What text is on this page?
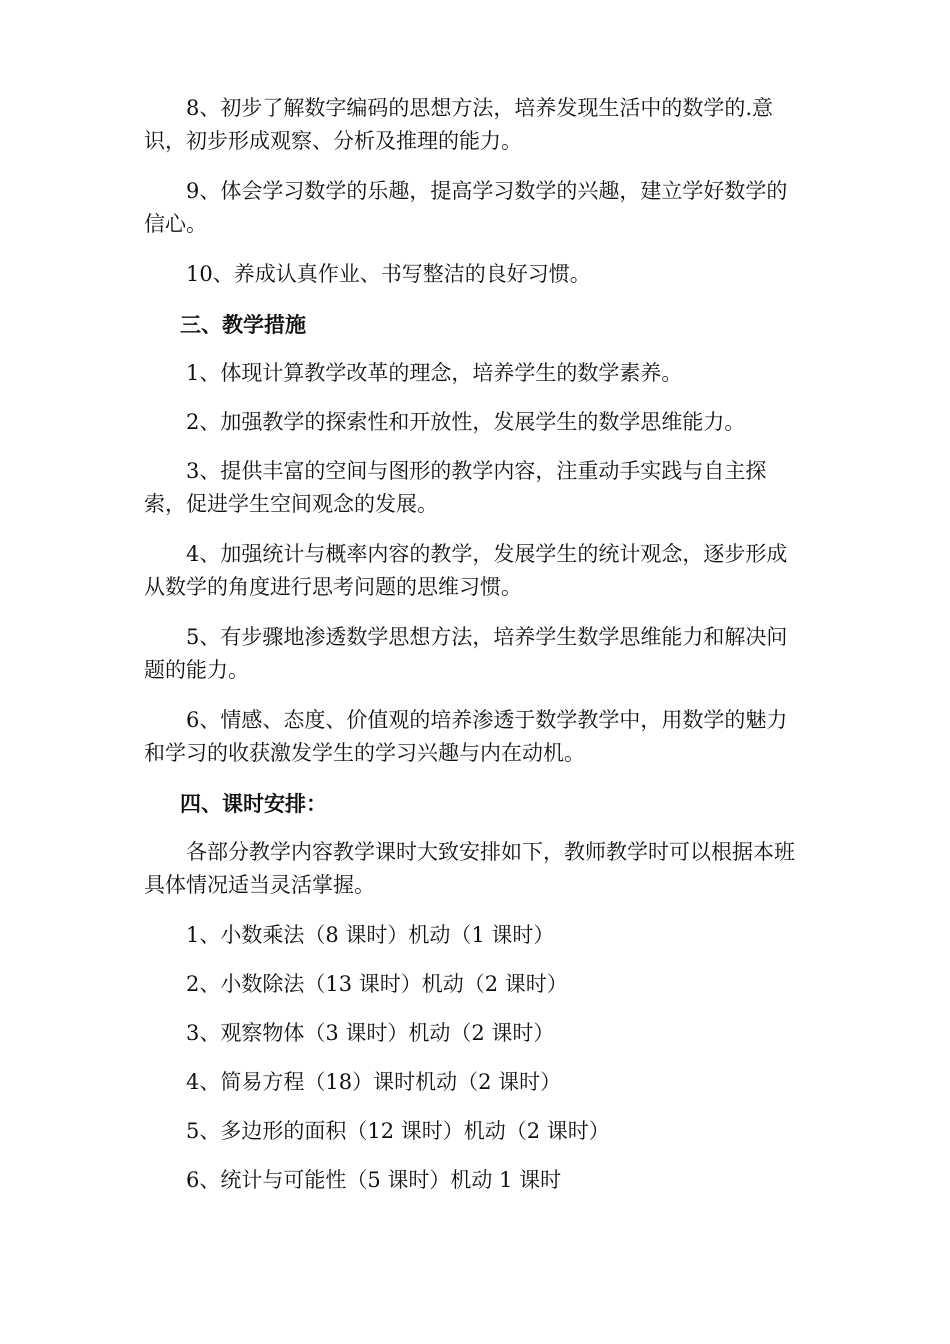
8、初步了解数字编码的思想方法，培养发现生活中的数学的.意识，初步形成观察、分析及推理的能力。

9、体会学习数学的乐趣，提高学习数学的兴趣，建立学好数学的信心。

10、养成认真作业、书写整洁的良好习惯。

三、教学措施

1、体现计算教学改革的理念，培养学生的数学素养。

2、加强教学的探索性和开放性，发展学生的数学思维能力。

3、提供丰富的空间与图形的教学内容，注重动手实践与自主探索，促进学生空间观念的发展。

4、加强统计与概率内容的教学，发展学生的统计观念，逐步形成从数学的角度进行思考问题的思维习惯。

5、有步骤地渗透数学思想方法，培养学生数学思维能力和解决问题的能力。

6、情感、态度、价值观的培养渗透于数学教学中，用数学的魅力和学习的收获激发学生的学习兴趣与内在动机。

四、课时安排：

各部分教学内容教学课时大致安排如下，教师教学时可以根据本班具体情况适当灵活掌握。

1、小数乘法（8 课时）机动（1 课时）

2、小数除法（13 课时）机动（2 课时）

3、观察物体（3 课时）机动（2 课时）

4、简易方程（18）课时机动（2 课时）

5、多边形的面积（12 课时）机动（2 课时）

6、统计与可能性（5 课时）机动 1 课时
